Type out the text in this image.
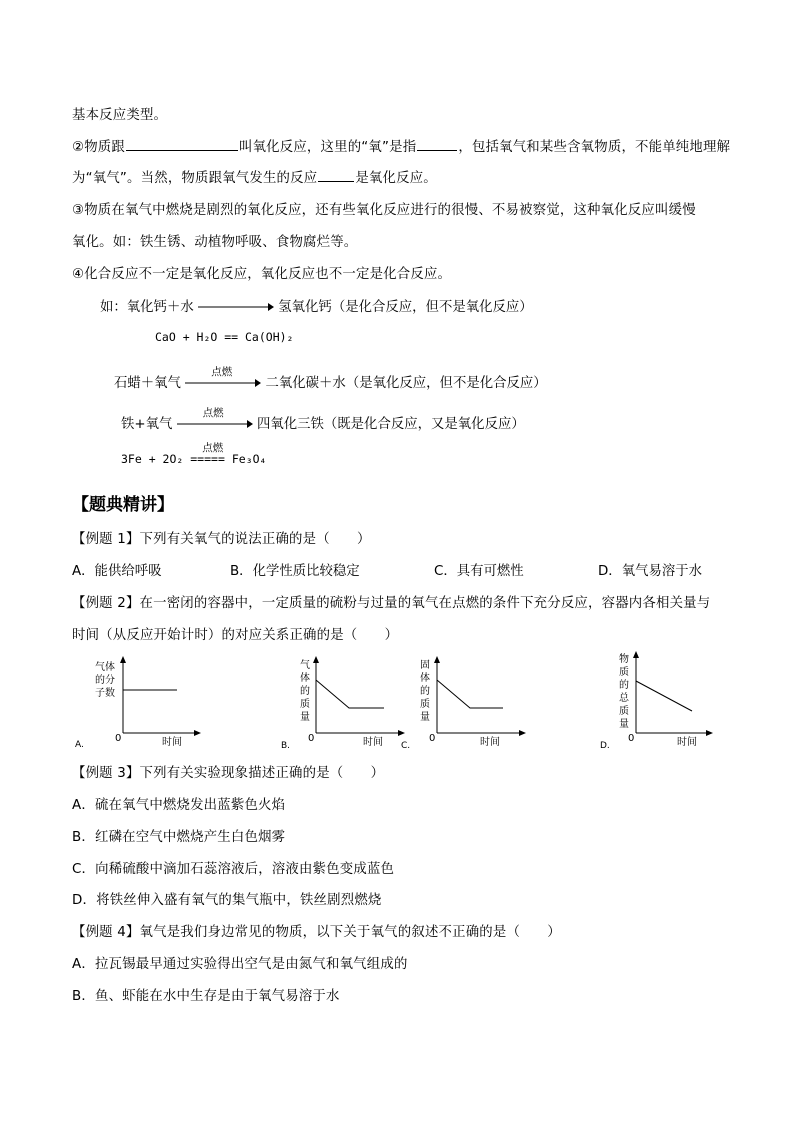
基本反应类型。
②物质跟	叫氧化反应，这里的“氧”是指	，包括氧气和某些含氧物质，不能单纯地理解
为“氧气”。当然，物质跟氧气发生的反应	是氧化反应。
③物质在氧气中燃烧是剧烈的氧化反应，还有些氧化反应进行的很慢、不易被察觉，这种氧化反应叫缓慢
氧化。如：铁生锈、动植物呼吸、食物腐烂等。
④化合反应不一定是氧化反应，氧化反应也不一定是化合反应。
如：氧化钙＋水	氢氧化钙（是化合反应，但不是氧化反应）
CaO + H₂O == Ca(OH)₂
石蜡＋氧气
点燃
二氧化碳＋水（是氧化反应，但不是化合反应）
铁+氧气
点燃
四氧化三铁（既是化合反应，又是氧化反应）
3Fe + 2O₂
点燃
===== Fe₃O₄
【题典精讲】
【例题 1】下列有关氧气的说法正确的是（　　）
A．能供给呼吸	B．化学性质比较稳定	C．具有可燃性	D．氧气易溶于水
【例题 2】在一密闭的容器中，一定质量的硫粉与过量的氧气在点燃的条件下充分反应，容器内各相关量与
时间（从反应开始计时）的对应关系正确的是（　　）
气体
的分
子数
0	时间
A.
气
体
的
质
量
0	时间
B.
固
体
的
质
量
0	时间
C.
物
质
的
总
质
量
0	时间
D.
【例题 3】下列有关实验现象描述正确的是（　　）
A．硫在氧气中燃烧发出蓝紫色火焰
B．红磷在空气中燃烧产生白色烟雾
C．向稀硫酸中滴加石蕊溶液后，溶液由紫色变成蓝色
D．将铁丝伸入盛有氧气的集气瓶中，铁丝剧烈燃烧
【例题 4】氧气是我们身边常见的物质，以下关于氧气的叙述不正确的是（　　）
A．拉瓦锡最早通过实验得出空气是由氮气和氧气组成的
B．鱼、虾能在水中生存是由于氧气易溶于水
